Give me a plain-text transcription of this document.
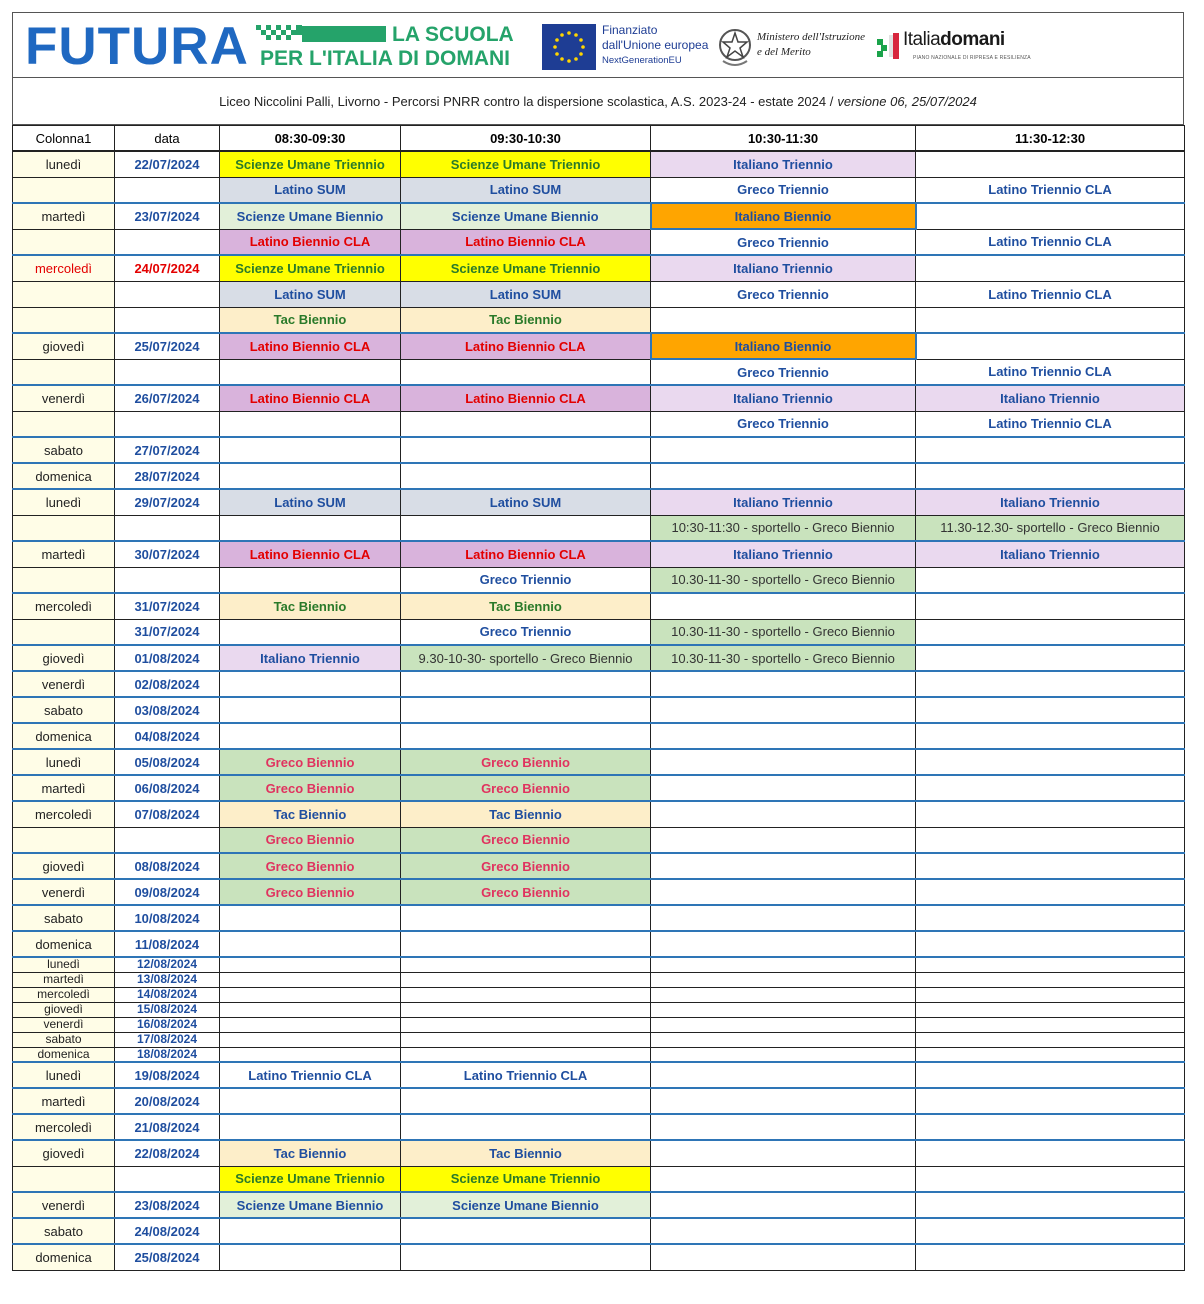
FUTURA	LA SCUOLA
PER L'ITALIA DI DOMANI
Finanziato
dall'Unione europea
NextGenerationEU
Ministero dell'Istruzione
e del Merito
Italiadomani
PIANO NAZIONALE DI RIPRESA E RESILIENZA
Liceo Niccolini Palli, Livorno - Percorsi PNRR contro la dispersione scolastica, A.S. 2023-24 - estate 2024 / versione 06, 25/07/2024
Colonna1	data	08:30-09:30	09:30-10:30	10:30-11:30	11:30-12:30
lunedì	22/07/2024	Scienze Umane Triennio	Scienze Umane Triennio	Italiano Triennio	
		Latino SUM	Latino SUM	Greco Triennio	Latino Triennio CLA
martedì	23/07/2024	Scienze Umane Biennio	Scienze Umane Biennio	Italiano Biennio	
		Latino Biennio CLA	Latino Biennio CLA	Greco Triennio	Latino Triennio CLA
mercoledì	24/07/2024	Scienze Umane Triennio	Scienze Umane Triennio	Italiano Triennio	
		Latino SUM	Latino SUM	Greco Triennio	Latino Triennio CLA
		Tac Biennio	Tac Biennio		
giovedì	25/07/2024	Latino Biennio CLA	Latino Biennio CLA	Italiano Biennio	
				Greco Triennio	Latino Triennio CLA
venerdì	26/07/2024	Latino Biennio CLA	Latino Biennio CLA	Italiano Triennio	Italiano Triennio
				Greco Triennio	Latino Triennio CLA
sabato	27/07/2024				
domenica	28/07/2024				
lunedì	29/07/2024	Latino SUM	Latino SUM	Italiano Triennio	Italiano Triennio
				10:30-11:30 - sportello - Greco Biennio	11.30-12.30- sportello - Greco Biennio
martedì	30/07/2024	Latino Biennio CLA	Latino Biennio CLA	Italiano Triennio	Italiano Triennio
			Greco Triennio	10.30-11-30 - sportello - Greco Biennio	
mercoledì	31/07/2024	Tac Biennio	Tac Biennio		
	31/07/2024		Greco Triennio	10.30-11-30 - sportello - Greco Biennio	
giovedì	01/08/2024	Italiano Triennio	9.30-10-30- sportello - Greco Biennio	10.30-11-30 - sportello - Greco Biennio	
venerdì	02/08/2024				
sabato	03/08/2024				
domenica	04/08/2024				
lunedì	05/08/2024	Greco Biennio	Greco Biennio		
martedì	06/08/2024	Greco Biennio	Greco Biennio		
mercoledì	07/08/2024	Tac Biennio	Tac Biennio		
		Greco Biennio	Greco Biennio		
giovedì	08/08/2024	Greco Biennio	Greco Biennio		
venerdì	09/08/2024	Greco Biennio	Greco Biennio		
sabato	10/08/2024				
domenica	11/08/2024				
lunedì	12/08/2024				
martedì	13/08/2024				
mercoledì	14/08/2024				
giovedì	15/08/2024				
venerdì	16/08/2024				
sabato	17/08/2024				
domenica	18/08/2024				
lunedì	19/08/2024	Latino Triennio CLA	Latino Triennio CLA		
martedì	20/08/2024				
mercoledì	21/08/2024				
giovedì	22/08/2024	Tac Biennio	Tac Biennio		
		Scienze Umane Triennio	Scienze Umane Triennio		
venerdì	23/08/2024	Scienze Umane Biennio	Scienze Umane Biennio		
sabato	24/08/2024				
domenica	25/08/2024				
